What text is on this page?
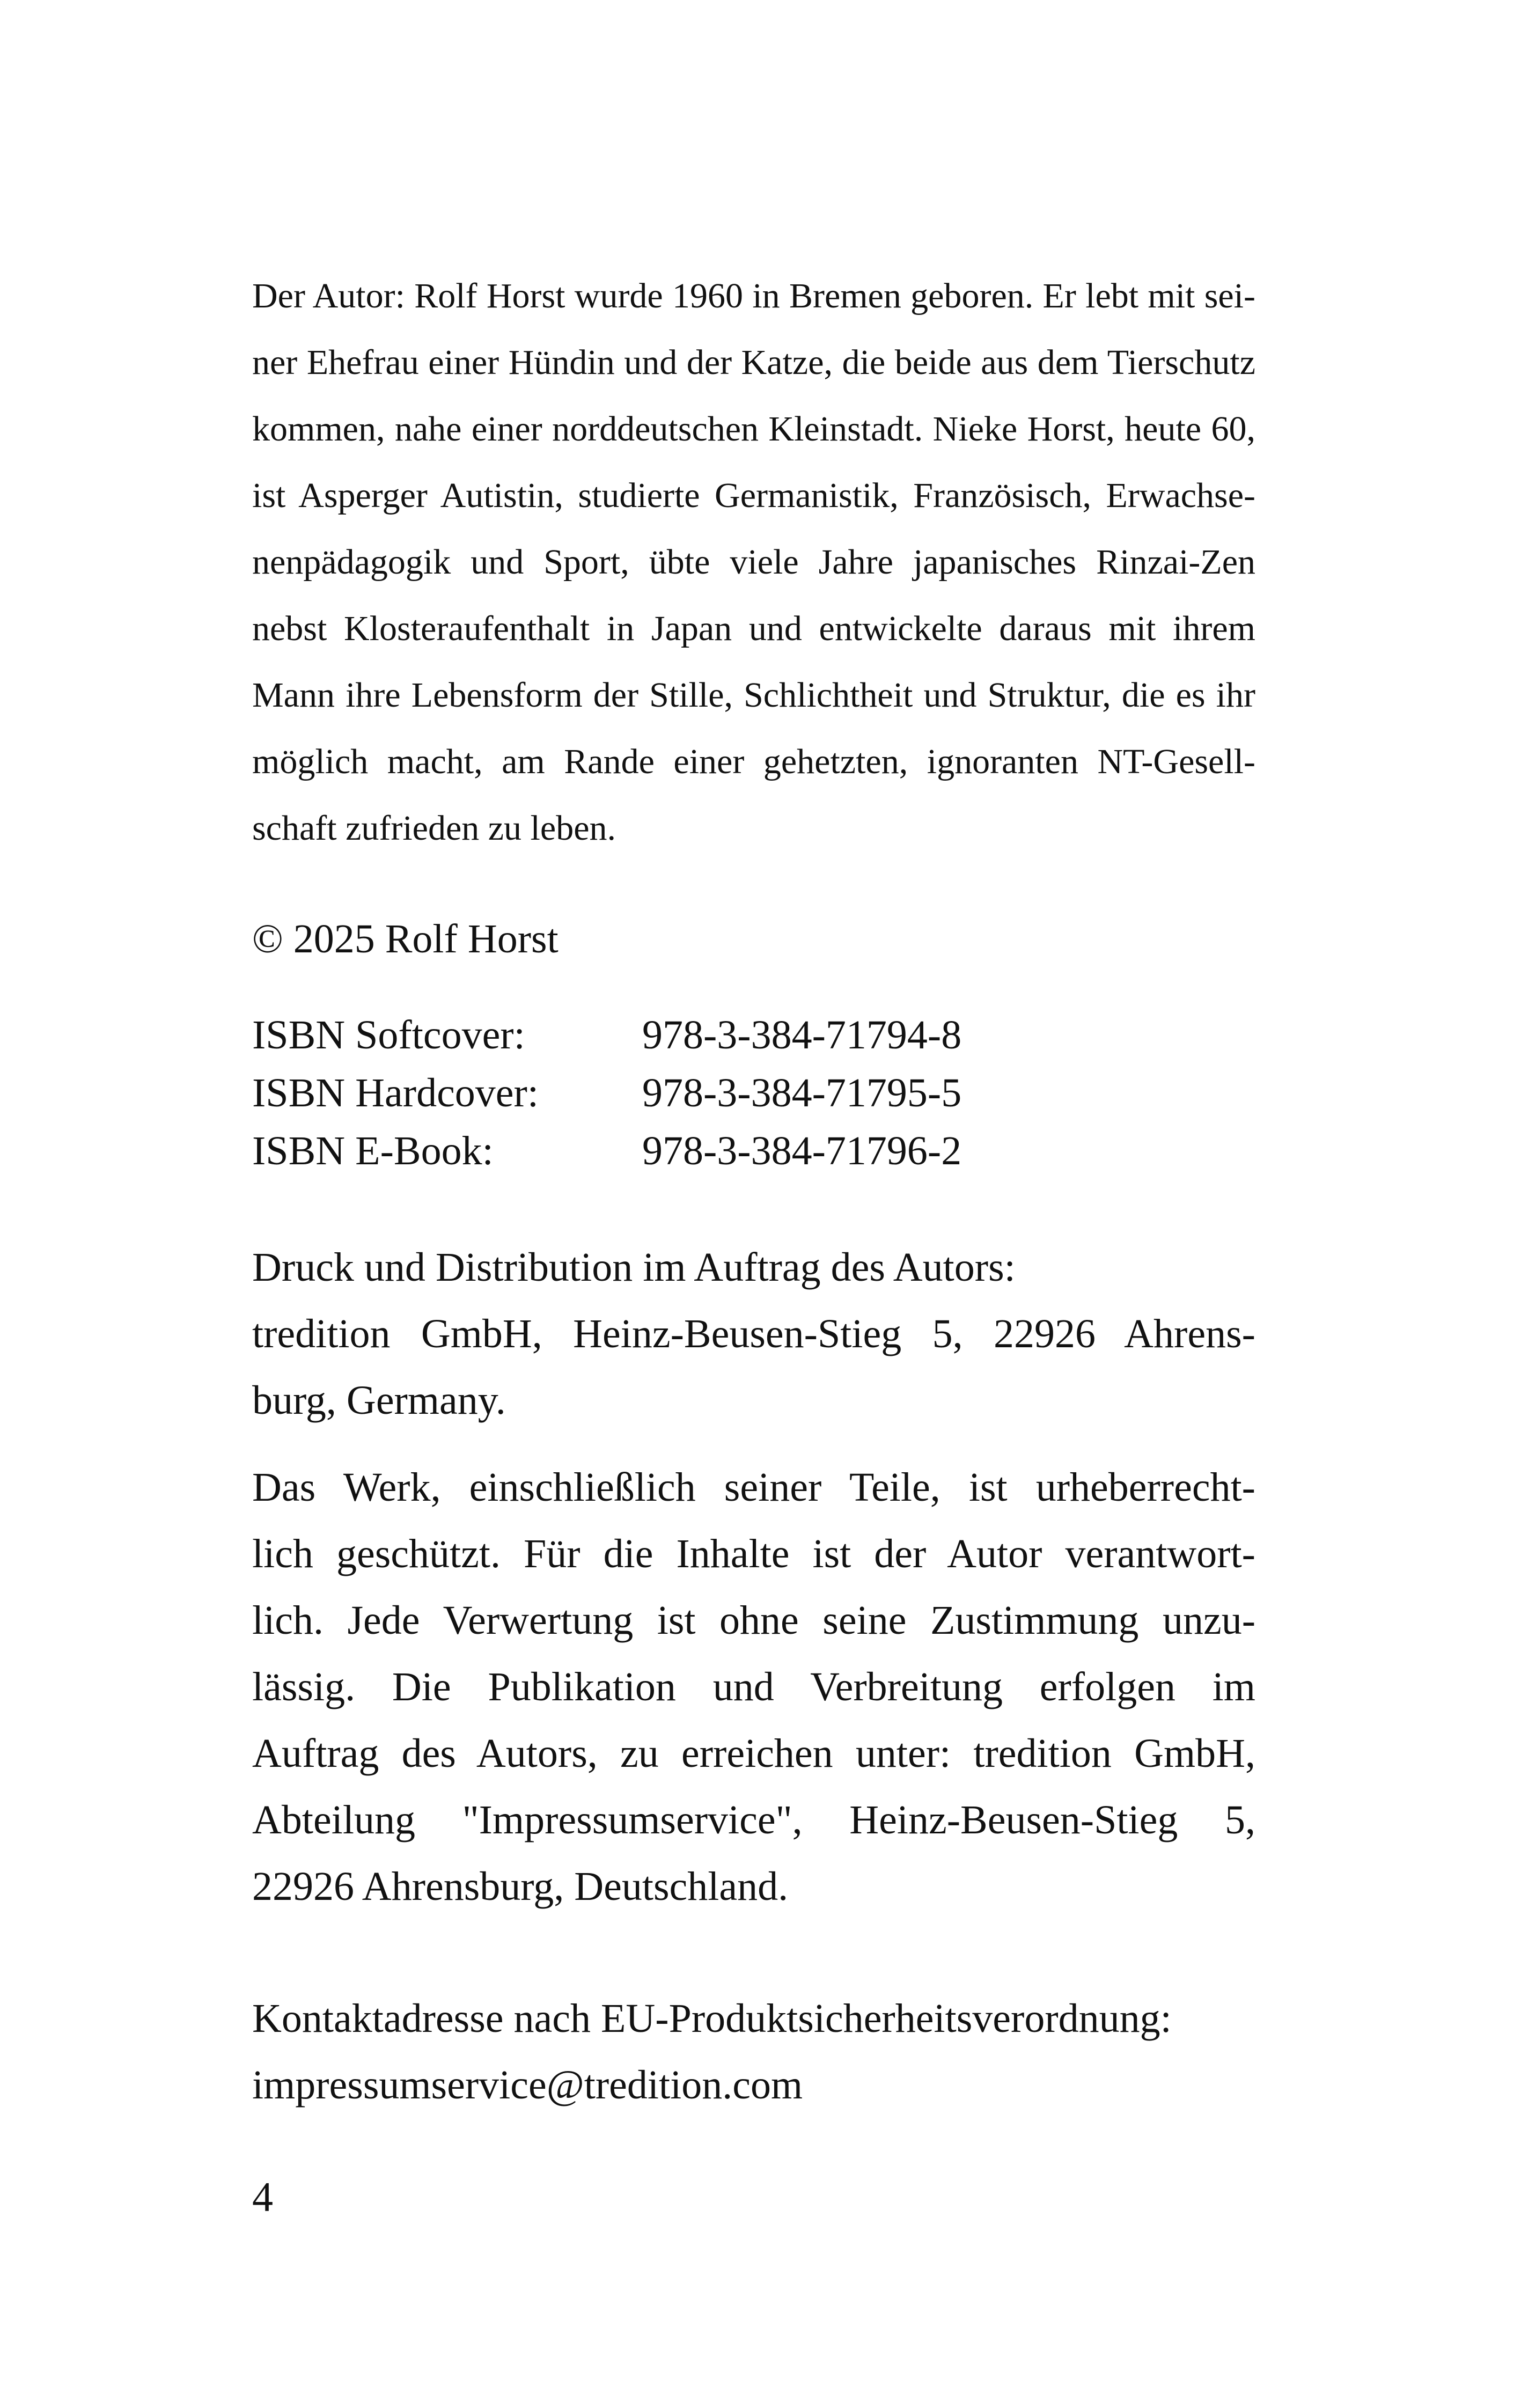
Der Autor: Rolf Horst wurde 1960 in Bremen geboren. Er lebt mit sei-
ner Ehefrau einer Hündin und der Katze, die beide aus dem Tierschutz
kommen, nahe einer norddeutschen Kleinstadt. Nieke Horst, heute 60,
ist Asperger Autistin, studierte Germanistik, Französisch, Erwachse-
nenpädagogik und Sport, übte viele Jahre japanisches Rinzai-Zen
nebst Klosteraufenthalt in Japan und entwickelte daraus mit ihrem
Mann ihre Lebensform der Stille, Schlichtheit und Struktur, die es ihr
möglich macht, am Rande einer gehetzten, ignoranten NT-Gesell-
schaft zufrieden zu leben.
© 2025 Rolf Horst
ISBN Softcover:	978-3-384-71794-8
ISBN Hardcover:	978-3-384-71795-5
ISBN E-Book:	978-3-384-71796-2
Druck und Distribution im Auftrag des Autors:
tredition GmbH, Heinz-Beusen-Stieg 5, 22926 Ahrens-
burg, Germany.
Das Werk, einschließlich seiner Teile, ist urheberrecht-
lich geschützt. Für die Inhalte ist der Autor verantwort-
lich. Jede Verwertung ist ohne seine Zustimmung unzu-
lässig. Die Publikation und Verbreitung erfolgen im
Auftrag des Autors, zu erreichen unter: tredition GmbH,
Abteilung "Impressumservice", Heinz-Beusen-Stieg 5,
22926 Ahrensburg, Deutschland.
Kontaktadresse nach EU-Produktsicherheitsverordnung:
impressumservice@tredition.com
4
